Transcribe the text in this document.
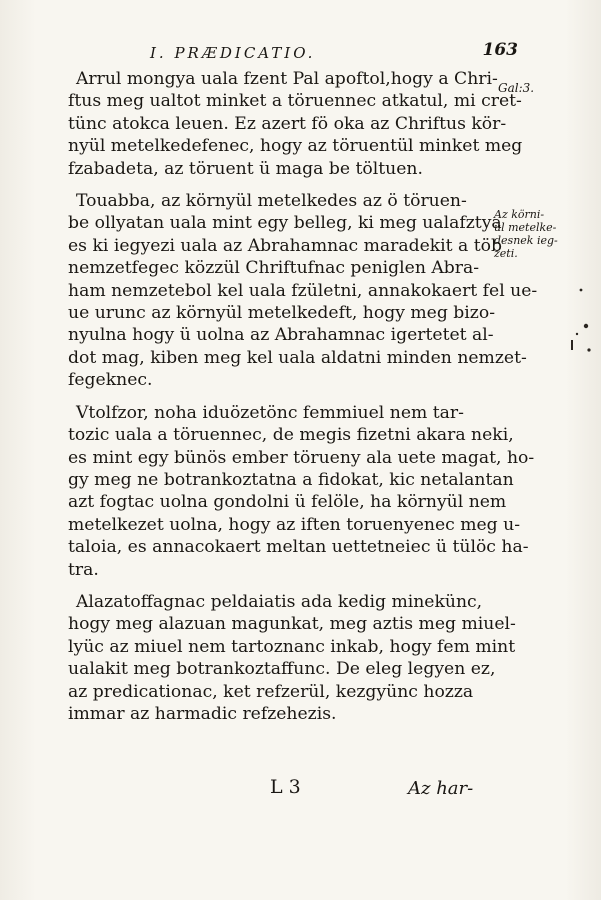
I. PRÆDICATIO.	163
Gal:3.
Az körni-
ül metelke-
desnek ieg-
zeti.

Arrul mongya uala fzent Pal apoftol,hogy a Chri-
ftus meg ualtot minket a töruennec atkatul, mi cret-
tünc atokca leuen. Ez azert fö oka az Chriftus kör-
nyül metelkedefenec, hogy az töruentül minket meg
fzabadeta, az töruent ü maga be töltuen.

Touabba, az környül metelkedes az ö töruen-
be ollyatan uala mint egy belleg, ki meg ualafztya
es ki iegyezi uala az Abrahamnac maradekit a töb
nemzetfegec közzül Chriftufnac peniglen Abra-
ham nemzetebol kel uala fzületni, annakokaert fel ue-
ue urunc az környül metelkedeft, hogy meg bizo-
nyulna hogy ü uolna az Abrahamnac igertetet al-
dot mag, kiben meg kel uala aldatni minden nemzet-
fegeknec.

Vtolfzor, noha iduözetönc femmiuel nem tar-
tozic uala a töruennec, de megis fizetni akara neki,
es mint egy bünös ember törueny ala uete magat, ho-
gy meg ne botrankoztatna a fidokat, kic netalantan
azt fogtac uolna gondolni ü felöle, ha környül nem
metelkezet uolna, hogy az iften toruenyenec meg u-
taloia, es annacokaert meltan uettetneiec ü tülöc ha-
tra.

Alazatoffagnac peldaiatis ada kedig minekünc,
hogy meg alazuan magunkat, meg aztis meg miuel-
lyüc az miuel nem tartoznanc inkab, hogy fem mint
ualakit meg botrankoztaffunc. De eleg legyen ez,
az predicationac, ket refzerül, kezgyünc hozza
immar az harmadic refzehezis.

L 3	Az har-
